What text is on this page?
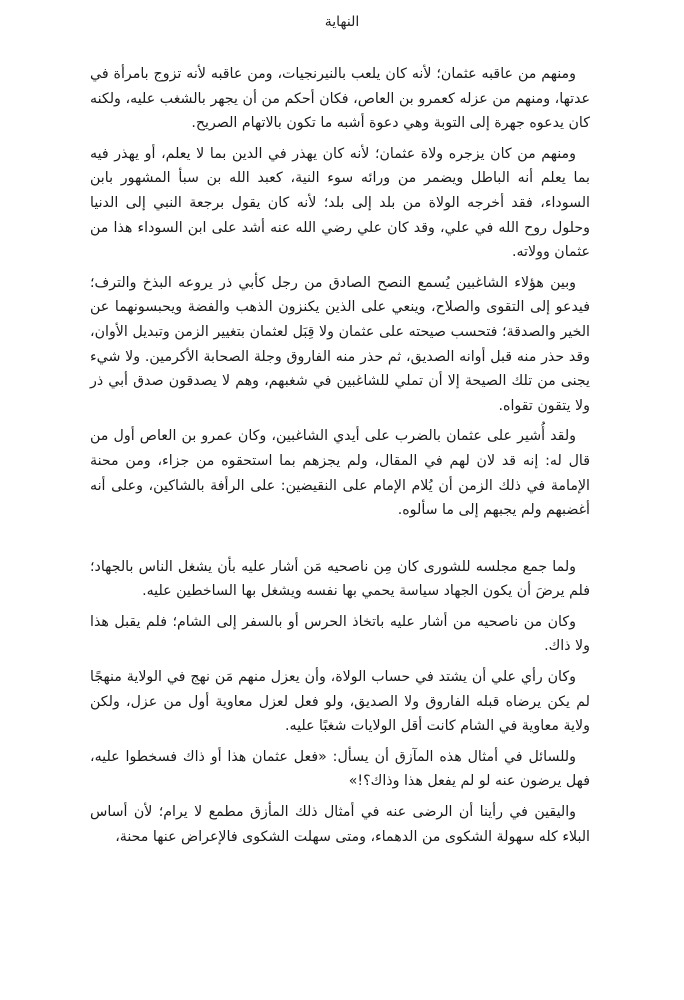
النهاية

ومنهم من عاقبه عثمان؛ لأنه كان يلعب بالنيرنجيات، ومن عاقبه لأنه تزوج بامرأة في عدتها، ومنهم من عزله كعمرو بن العاص، فكان أحكم من أن يجهر بالشغب عليه، ولكنه كان يدعوه جهرة إلى التوبة وهي دعوة أشبه ما تكون بالاتهام الصريح.

ومنهم من كان يزجره ولاة عثمان؛ لأنه كان يهذر في الدين بما لا يعلم، أو يهذر فيه بما يعلم أنه الباطل ويضمر من ورائه سوء النية، كعبد الله بن سبأ المشهور بابن السوداء، فقد أخرجه الولاة من بلد إلى بلد؛ لأنه كان يقول برجعة النبي إلى الدنيا وحلول روح الله في علي، وقد كان علي رضي الله عنه أشد على ابن السوداء هذا من عثمان وولاته.

وبين هؤلاء الشاغبين يُسمع النصح الصادق من رجل كأبي ذر يروعه البذخ والترف؛ فيدعو إلى التقوى والصلاح، وينعي على الذين يكنزون الذهب والفضة ويحبسونهما عن الخير والصدقة؛ فتحسب صيحته على عثمان ولا قِبَل لعثمان بتغيير الزمن وتبديل الأوان، وقد حذر منه قبل أوانه الصديق، ثم حذر منه الفاروق وجلة الصحابة الأكرمين. ولا شيء يجنى من تلك الصيحة إلا أن تملي للشاغبين في شغبهم، وهم لا يصدقون صدق أبي ذر ولا يتقون تقواه.

ولقد أُشير على عثمان بالضرب على أيدي الشاغبين، وكان عمرو بن العاص أول من قال له: إنه قد لان لهم في المقال، ولم يجزهم بما استحقوه من جزاء، ومن محنة الإمامة في ذلك الزمن أن يُلام الإمام على النقيضين: على الرأفة بالشاكين، وعلى أنه أغضبهم ولم يجبهم إلى ما سألوه.

ولما جمع مجلسه للشورى كان مِن ناصحيه مَن أشار عليه بأن يشغل الناس بالجهاد؛ فلم يرضَ أن يكون الجهاد سياسة يحمي بها نفسه ويشغل بها الساخطين عليه.

وكان من ناصحيه من أشار عليه باتخاذ الحرس أو بالسفر إلى الشام؛ فلم يقبل هذا ولا ذاك.

وكان رأي علي أن يشتد في حساب الولاة، وأن يعزل منهم مَن نهج في الولاية منهجًا لم يكن يرضاه قبله الفاروق ولا الصديق، ولو فعل لعزل معاوية أول من عزل، ولكن ولاية معاوية في الشام كانت أقل الولايات شغبًا عليه.

وللسائل في أمثال هذه المآزق أن يسأل: «فعل عثمان هذا أو ذاك فسخطوا عليه، فهل يرضون عنه لو لم يفعل هذا وذاك؟!»

واليقين في رأينا أن الرضى عنه في أمثال ذلك المأزق مطمع لا يرام؛ لأن أساس البلاء كله سهولة الشكوى من الدهماء، ومتى سهلت الشكوى فالإعراض عنها محنة،
